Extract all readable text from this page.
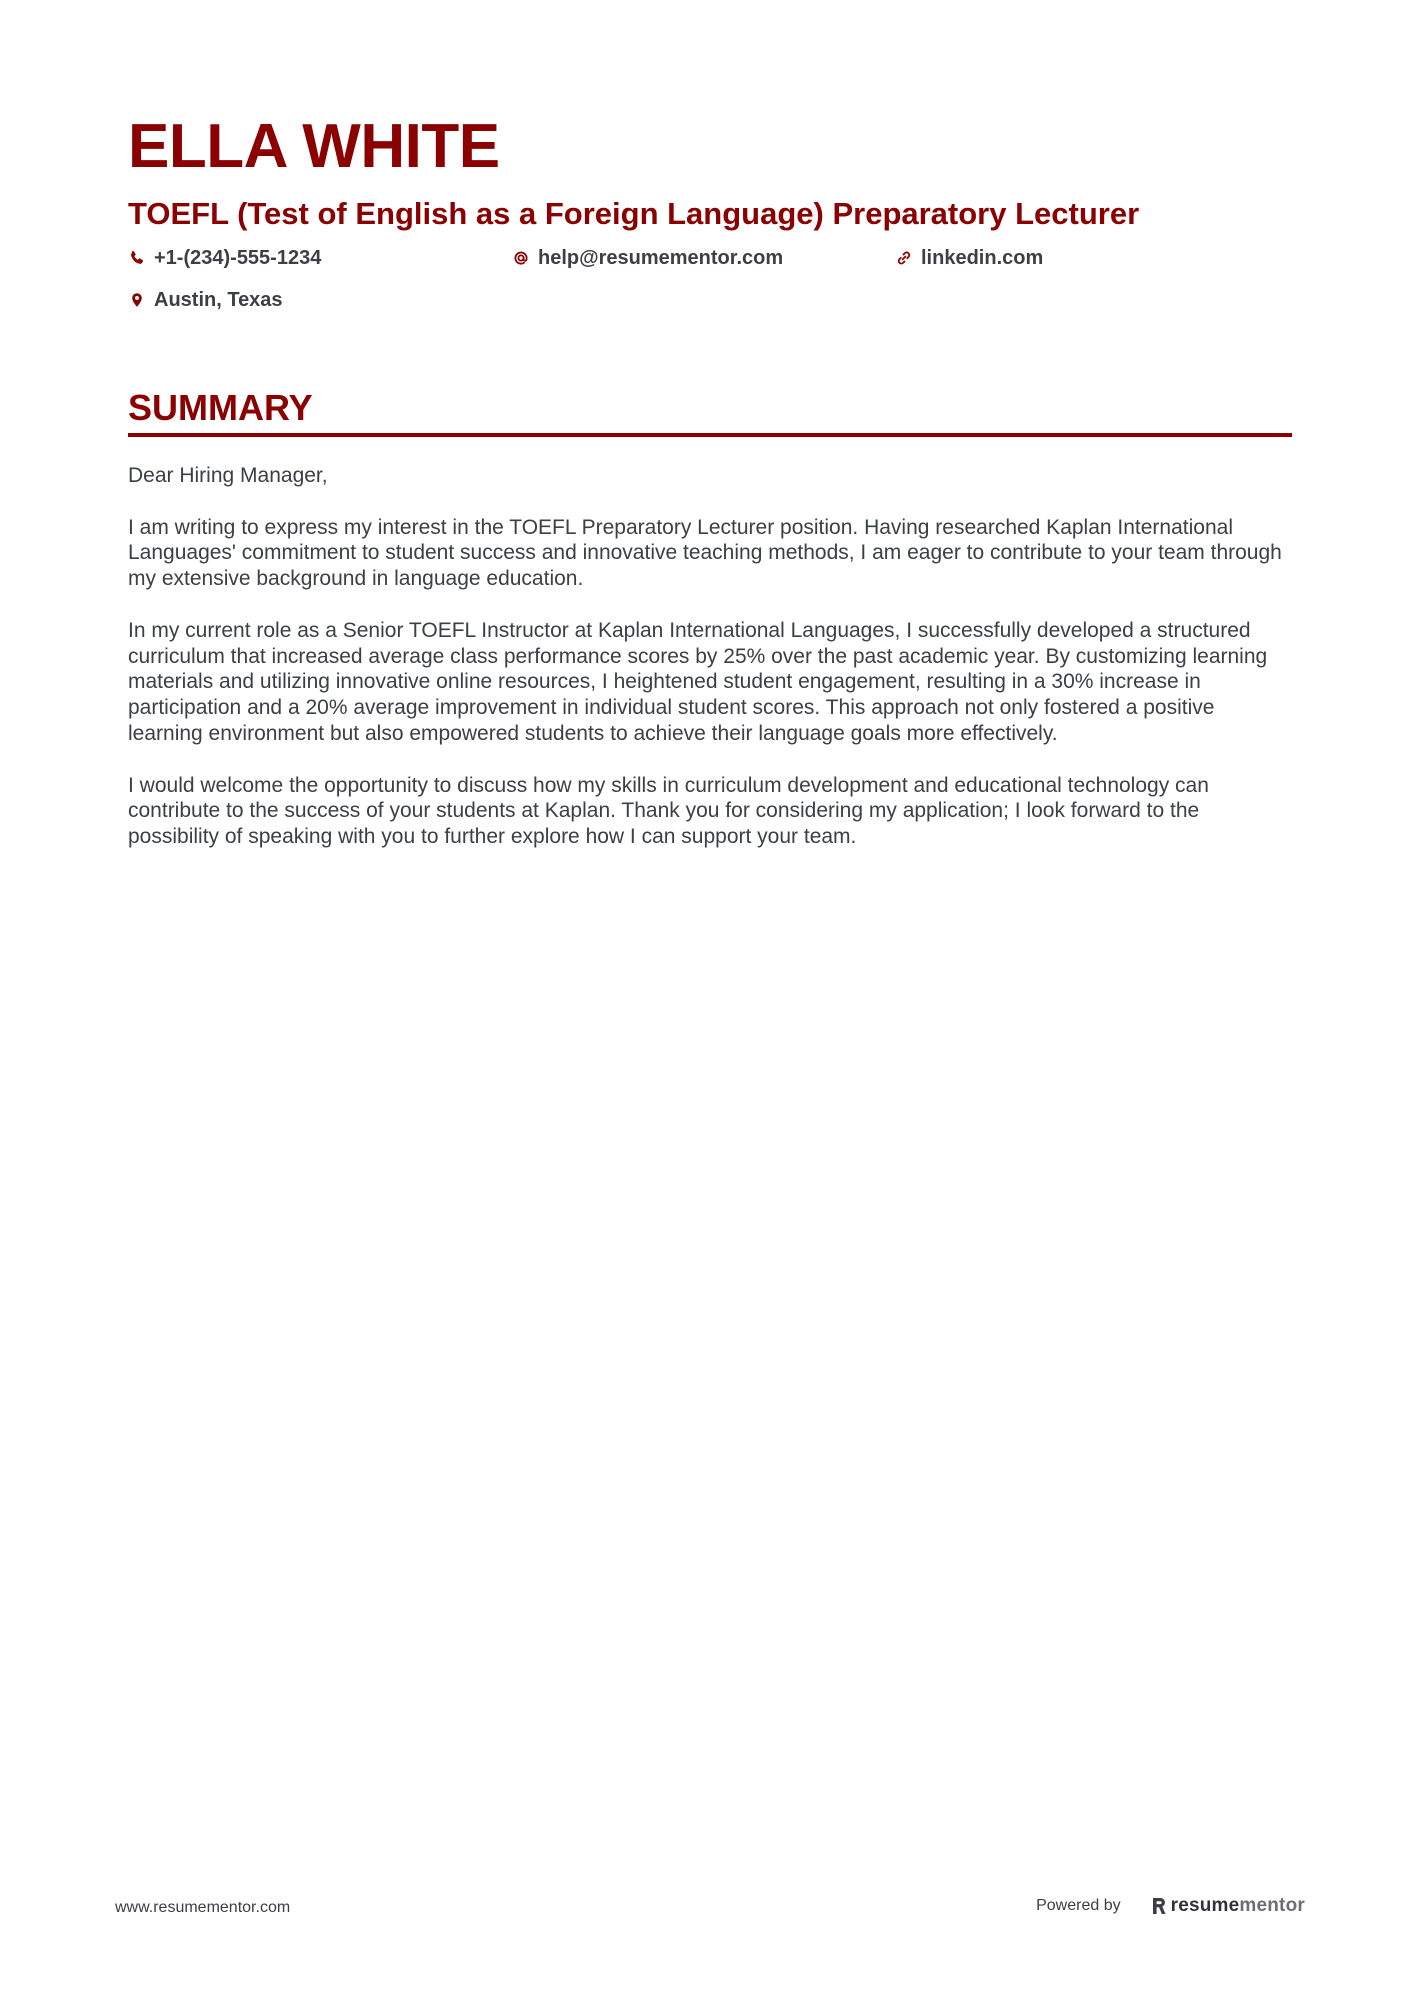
ELLA WHITE
TOEFL (Test of English as a Foreign Language) Preparatory Lecturer
+1-(234)-555-1234	help@resumementor.com	linkedin.com
Austin, Texas
SUMMARY

Dear Hiring Manager,

I am writing to express my interest in the TOEFL Preparatory Lecturer position. Having researched Kaplan International Languages' commitment to student success and innovative teaching methods, I am eager to contribute to your team through my extensive background in language education.

In my current role as a Senior TOEFL Instructor at Kaplan International Languages, I successfully developed a structured curriculum that increased average class performance scores by 25% over the past academic year. By customizing learning materials and utilizing innovative online resources, I heightened student engagement, resulting in a 30% increase in participation and a 20% average improvement in individual student scores. This approach not only fostered a positive learning environment but also empowered students to achieve their language goals more effectively.

I would welcome the opportunity to discuss how my skills in curriculum development and educational technology can contribute to the success of your students at Kaplan. Thank you for considering my application; I look forward to the possibility of speaking with you to further explore how I can support your team.

www.resumementor.com	Powered by	resume mentor
